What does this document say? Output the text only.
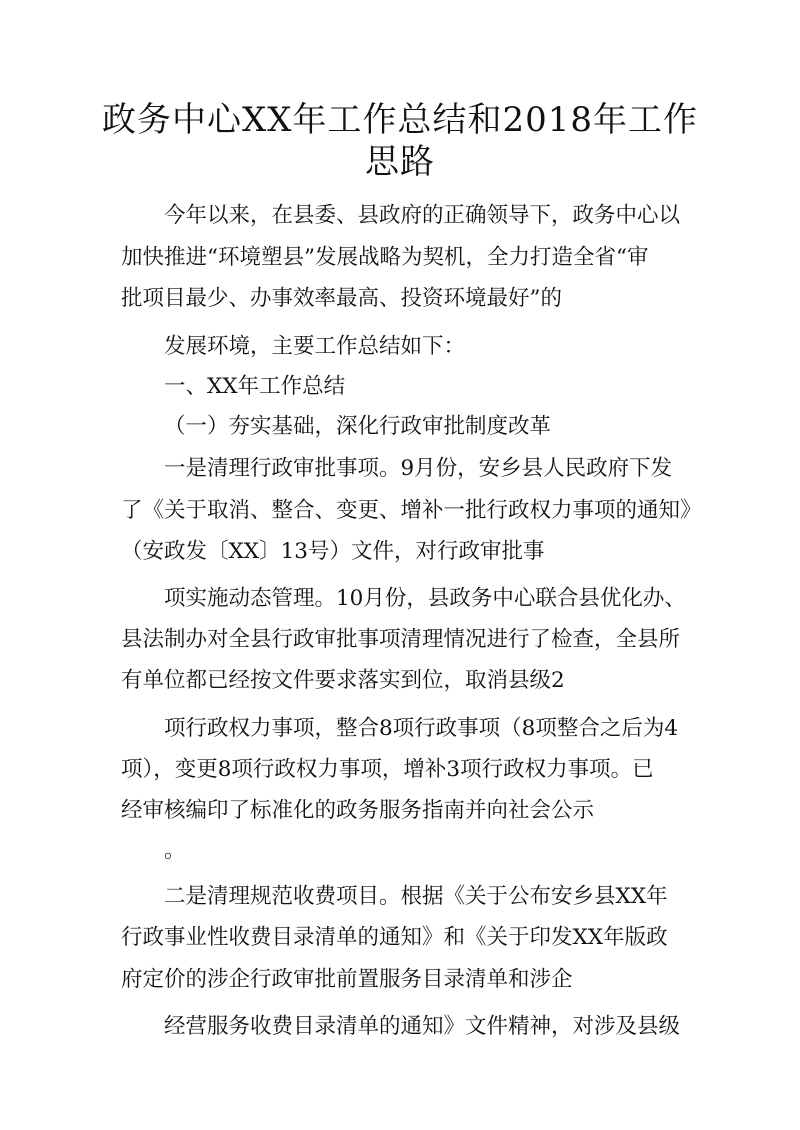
政务中心XX年工作总结和2018年工作
思路
今年以来，在县委、县政府的正确领导下，政务中心以
加快推进“环境塑县”发展战略为契机，全力打造全省“审
批项目最少、办事效率最高、投资环境最好”的
发展环境，主要工作总结如下：
一、XX年工作总结
（一）夯实基础，深化行政审批制度改革
一是清理行政审批事项。9月份，安乡县人民政府下发
了《关于取消、整合、变更、增补一批行政权力事项的通知》
（安政发〔XX〕13号）文件，对行政审批事
项实施动态管理。10月份，县政务中心联合县优化办、
县法制办对全县行政审批事项清理情况进行了检查，全县所
有单位都已经按文件要求落实到位，取消县级2
项行政权力事项，整合8项行政事项（8项整合之后为4
项），变更8项行政权力事项，增补3项行政权力事项。已
经审核编印了标准化的政务服务指南并向社会公示
。
二是清理规范收费项目。根据《关于公布安乡县XX年
行政事业性收费目录清单的通知》和《关于印发XX年版政
府定价的涉企行政审批前置服务目录清单和涉企
经营服务收费目录清单的通知》文件精神，对涉及县级
